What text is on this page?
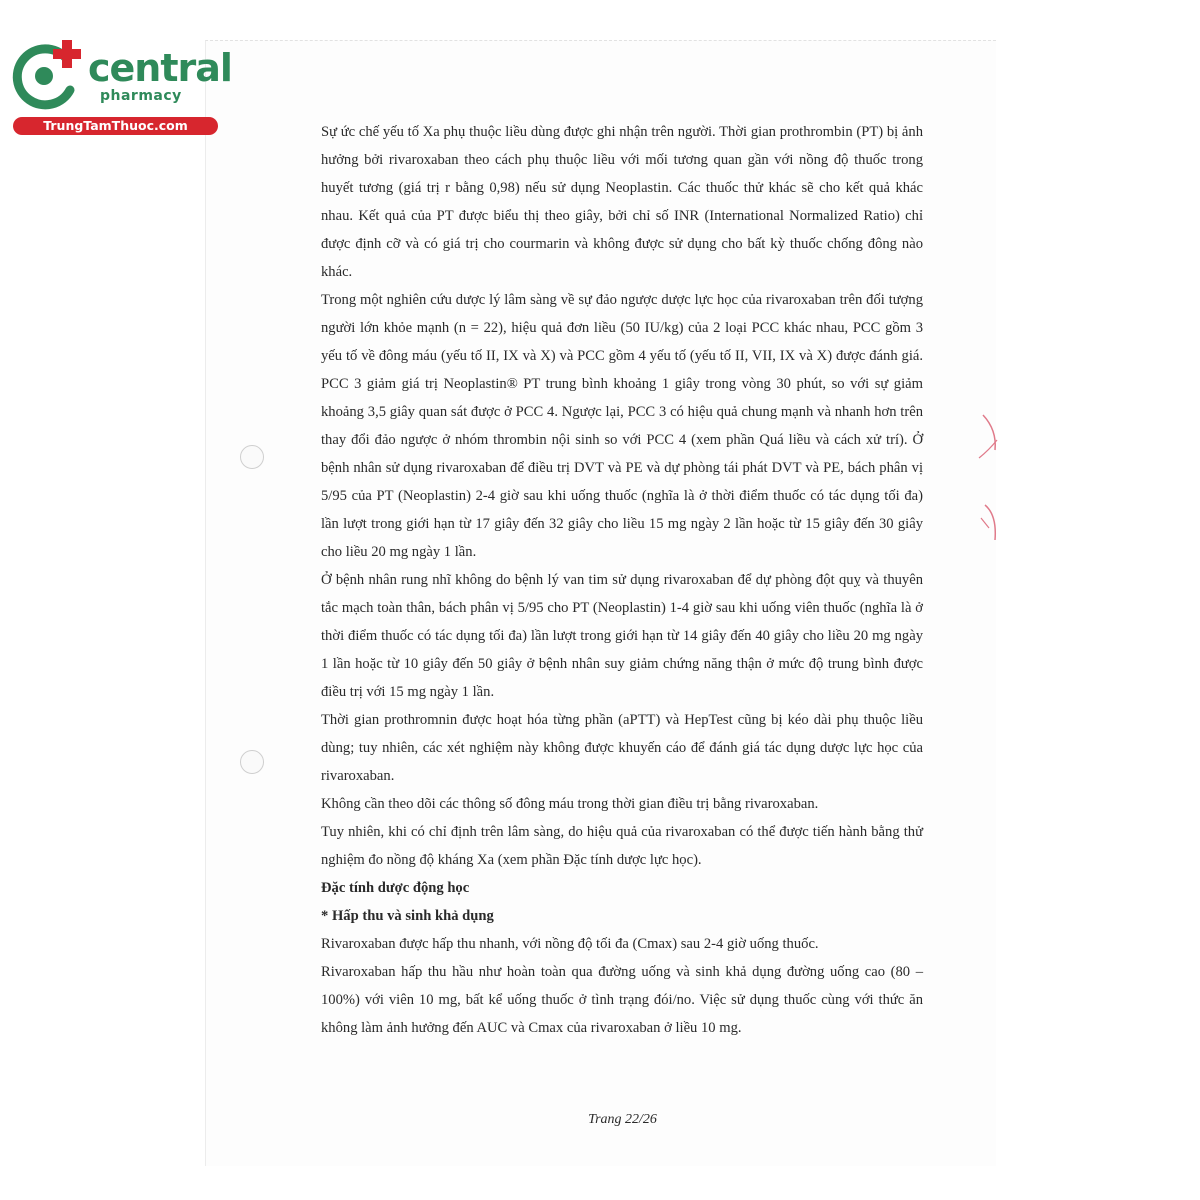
central
pharmacy
TrungTamThuoc.com	Sự ức chế yếu tố Xa phụ thuộc liều dùng được ghi nhận trên người. Thời gian prothrombin (PT) bị ảnh hưởng bởi rivaroxaban theo cách phụ thuộc liều với mối tương quan gần với nồng độ thuốc trong huyết tương (giá trị r bằng 0,98) nếu sử dụng Neoplastin. Các thuốc thử khác sẽ cho kết quả khác nhau. Kết quả của PT được biểu thị theo giây, bởi chỉ số INR (International Normalized Ratio) chỉ được định cỡ và có giá trị cho courmarin và không được sử dụng cho bất kỳ thuốc chống đông nào khác.

Trong một nghiên cứu dược lý lâm sàng về sự đảo ngược dược lực học của rivaroxaban trên đối tượng người lớn khỏe mạnh (n = 22), hiệu quả đơn liều (50 IU/kg) của 2 loại PCC khác nhau, PCC gồm 3 yếu tố về đông máu (yếu tố II, IX và X) và PCC gồm 4 yếu tố (yếu tố II, VII, IX và X) được đánh giá. PCC 3 giảm giá trị Neoplastin® PT trung bình khoảng 1 giây trong vòng 30 phút, so với sự giảm khoảng 3,5 giây quan sát được ở PCC 4. Ngược lại, PCC 3 có hiệu quả chung mạnh và nhanh hơn trên thay đổi đảo ngược ở nhóm thrombin nội sinh so với PCC 4 (xem phần Quá liều và cách xử trí). Ở bệnh nhân sử dụng rivaroxaban để điều trị DVT và PE và dự phòng tái phát DVT và PE, bách phân vị 5/95 của PT (Neoplastin) 2-4 giờ sau khi uống thuốc (nghĩa là ở thời điểm thuốc có tác dụng tối đa) lần lượt trong giới hạn từ 17 giây đến 32 giây cho liều 15 mg ngày 2 lần hoặc từ 15 giây đến 30 giây cho liều 20 mg ngày 1 lần.

Ở bệnh nhân rung nhĩ không do bệnh lý van tim sử dụng rivaroxaban để dự phòng đột quỵ và thuyên tắc mạch toàn thân, bách phân vị 5/95 cho PT (Neoplastin) 1-4 giờ sau khi uống viên thuốc (nghĩa là ở thời điểm thuốc có tác dụng tối đa) lần lượt trong giới hạn từ 14 giây đến 40 giây cho liều 20 mg ngày 1 lần hoặc từ 10 giây đến 50 giây ở bệnh nhân suy giảm chứng năng thận ở mức độ trung bình được điều trị với 15 mg ngày 1 lần.

Thời gian prothromnin được hoạt hóa từng phần (aPTT) và HepTest cũng bị kéo dài phụ thuộc liều dùng; tuy nhiên, các xét nghiệm này không được khuyến cáo để đánh giá tác dụng dược lực học của rivaroxaban.

Không cần theo dõi các thông số đông máu trong thời gian điều trị bằng rivaroxaban.

Tuy nhiên, khi có chỉ định trên lâm sàng, do hiệu quả của rivaroxaban có thể được tiến hành bằng thử nghiệm đo nồng độ kháng Xa (xem phần Đặc tính dược lực học).

Đặc tính dược động học

* Hấp thu và sinh khả dụng

Rivaroxaban được hấp thu nhanh, với nồng độ tối đa (Cmax) sau 2-4 giờ uống thuốc.

Rivaroxaban hấp thu hầu như hoàn toàn qua đường uống và sinh khả dụng đường uống cao (80 – 100%) với viên 10 mg, bất kể uống thuốc ở tình trạng đói/no. Việc sử dụng thuốc cùng với thức ăn không làm ảnh hưởng đến AUC và Cmax của rivaroxaban ở liều 10 mg.

Trang 22/26
